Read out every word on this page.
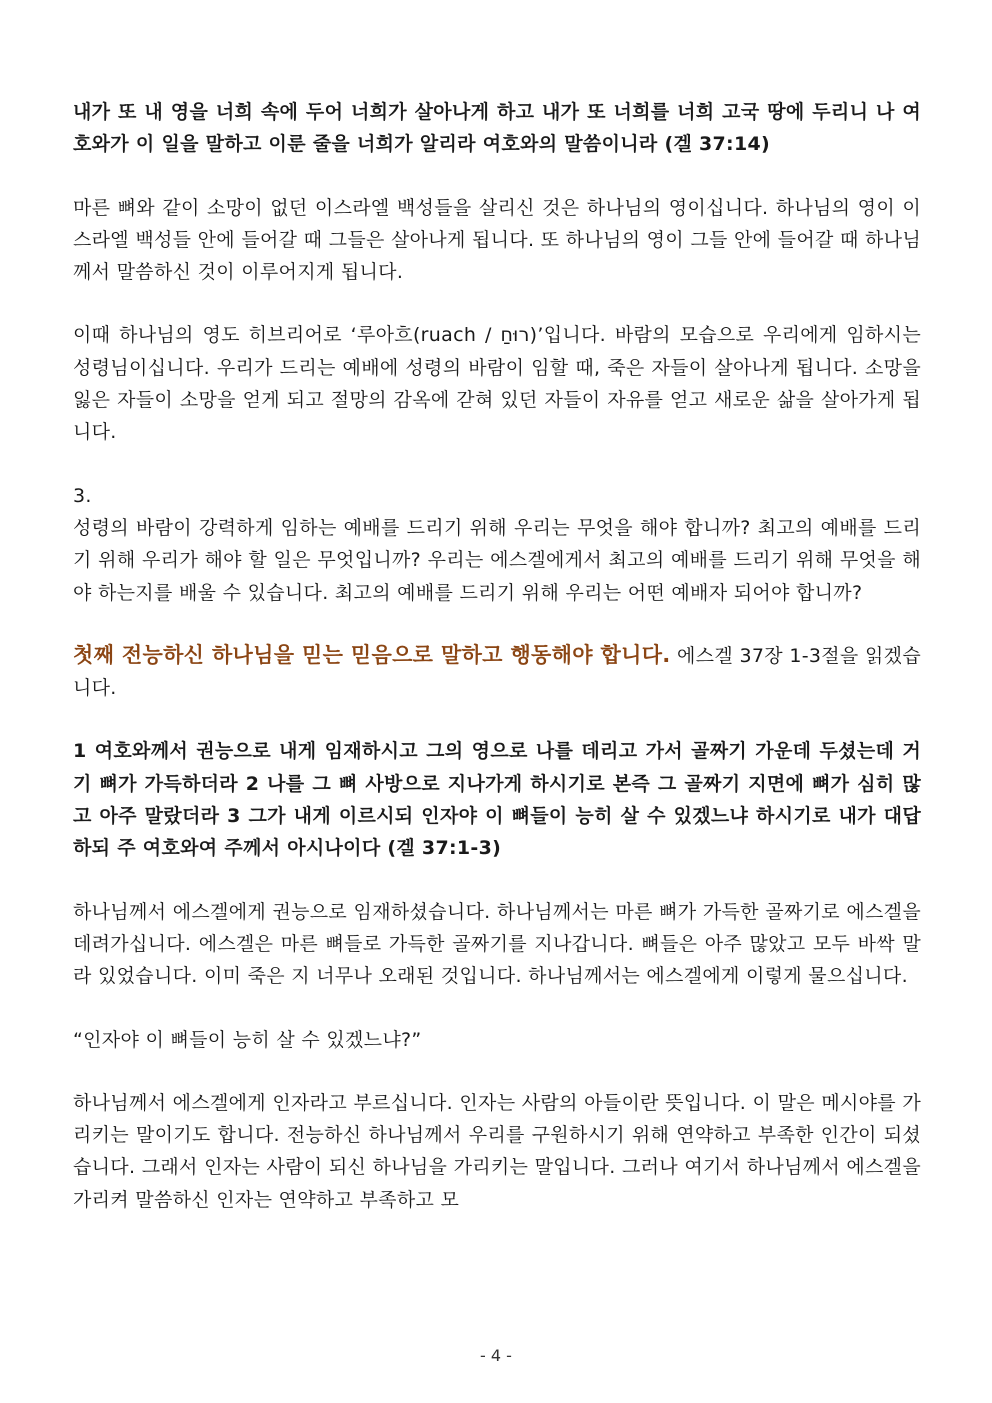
내가 또 내 영을 너희 속에 두어 너희가 살아나게 하고 내가 또 너희를 너희 고국 땅에 두리니 나 여호와가 이 일을 말하고 이룬 줄을 너희가 알리라 여호와의 말씀이니라 (겔 37:14)

마른 뼈와 같이 소망이 없던 이스라엘 백성들을 살리신 것은 하나님의 영이십니다. 하나님의 영이 이스라엘 백성들 안에 들어갈 때 그들은 살아나게 됩니다. 또 하나님의 영이 그들 안에 들어갈 때 하나님께서 말씀하신 것이 이루어지게 됩니다.

이때 하나님의 영도 히브리어로 ‘루아흐(ruach / רוּחַ)’입니다. 바람의 모습으로 우리에게 임하시는 성령님이십니다. 우리가 드리는 예배에 성령의 바람이 임할 때, 죽은 자들이 살아나게 됩니다. 소망을 잃은 자들이 소망을 얻게 되고 절망의 감옥에 갇혀 있던 자들이 자유를 얻고 새로운 삶을 살아가게 됩니다.

3.

성령의 바람이 강력하게 임하는 예배를 드리기 위해 우리는 무엇을 해야 합니까? 최고의 예배를 드리기 위해 우리가 해야 할 일은 무엇입니까? 우리는 에스겔에게서 최고의 예배를 드리기 위해 무엇을 해야 하는지를 배울 수 있습니다. 최고의 예배를 드리기 위해 우리는 어떤 예배자 되어야 합니까?

첫째 전능하신 하나님을 믿는 믿음으로 말하고 행동해야 합니다. 에스겔 37장 1-3절을 읽겠습니다.

1 여호와께서 권능으로 내게 임재하시고 그의 영으로 나를 데리고 가서 골짜기 가운데 두셨는데 거기 뼈가 가득하더라 2 나를 그 뼈 사방으로 지나가게 하시기로 본즉 그 골짜기 지면에 뼈가 심히 많고 아주 말랐더라 3 그가 내게 이르시되 인자야 이 뼈들이 능히 살 수 있겠느냐 하시기로 내가 대답하되 주 여호와여 주께서 아시나이다 (겔 37:1-3)

하나님께서 에스겔에게 권능으로 임재하셨습니다. 하나님께서는 마른 뼈가 가득한 골짜기로 에스겔을 데려가십니다. 에스겔은 마른 뼈들로 가득한 골짜기를 지나갑니다. 뼈들은 아주 많았고 모두 바싹 말라 있었습니다. 이미 죽은 지 너무나 오래된 것입니다. 하나님께서는 에스겔에게 이렇게 물으십니다.

“인자야 이 뼈들이 능히 살 수 있겠느냐?”

하나님께서 에스겔에게 인자라고 부르십니다. 인자는 사람의 아들이란 뜻입니다. 이 말은 메시야를 가리키는 말이기도 합니다. 전능하신 하나님께서 우리를 구원하시기 위해 연약하고 부족한 인간이 되셨습니다. 그래서 인자는 사람이 되신 하나님을 가리키는 말입니다. 그러나 여기서 하나님께서 에스겔을 가리켜 말씀하신 인자는 연약하고 부족하고 모

- 4 -
